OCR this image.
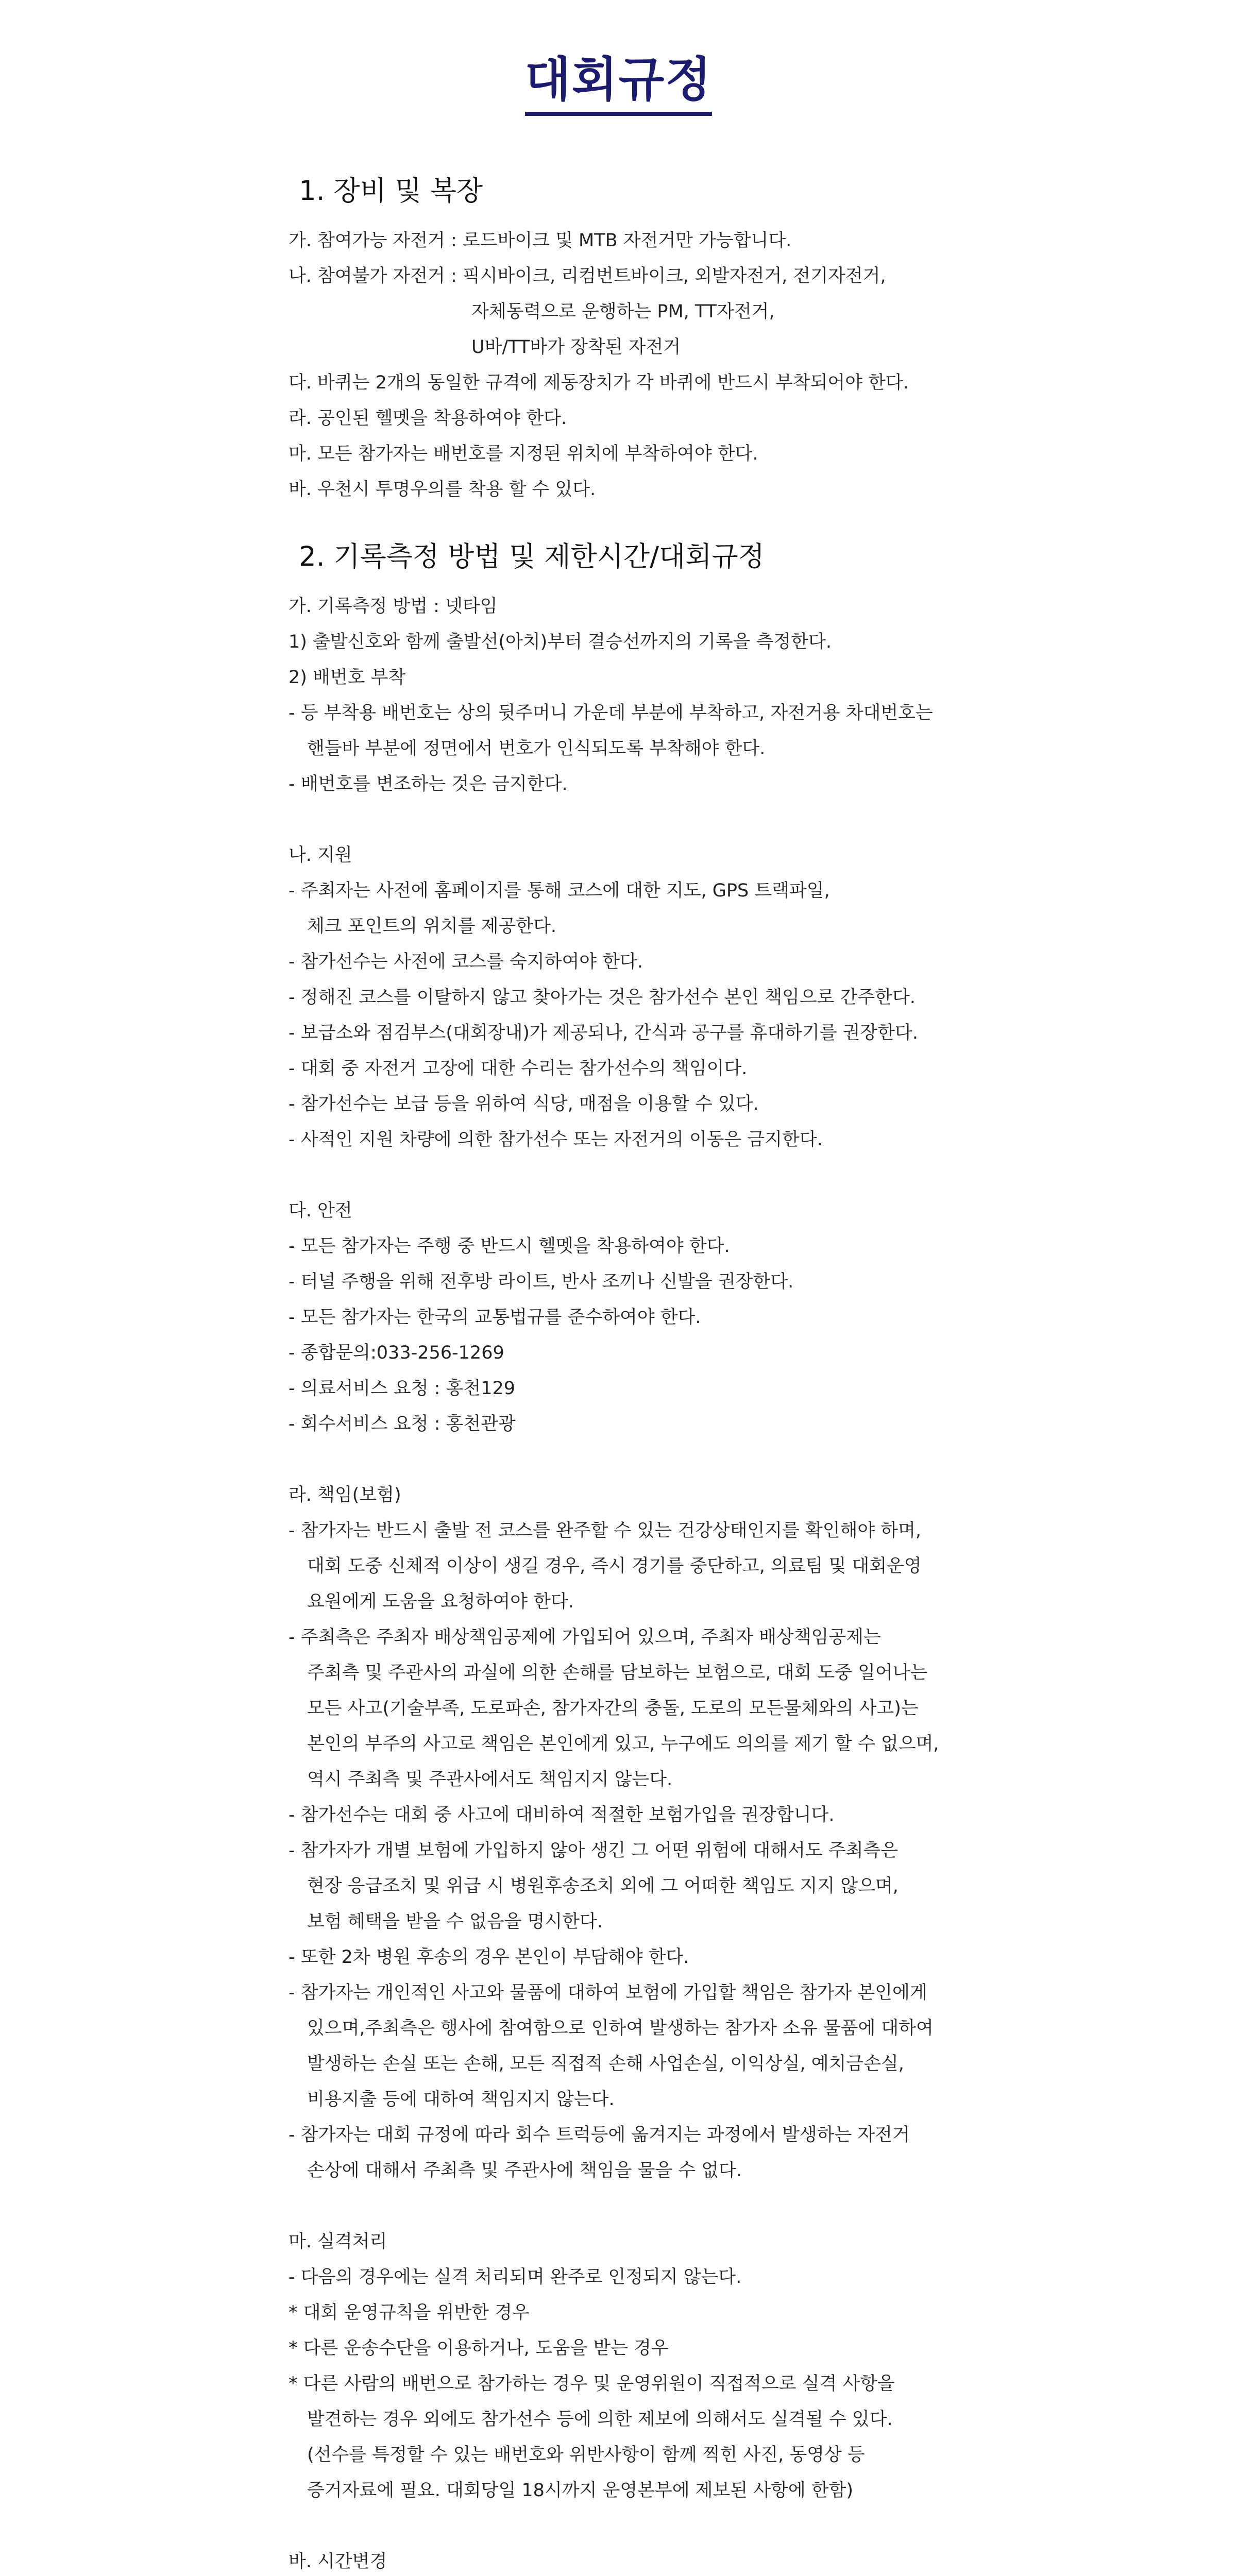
대회규정
1. 장비 및 복장
가. 참여가능 자전거 : 로드바이크 및 MTB 자전거만 가능합니다.
나. 참여불가 자전거 : 픽시바이크, 리컴번트바이크, 외발자전거, 전기자전거,
자체동력으로 운행하는 PM, TT자전거,
U바/TT바가 장착된 자전거
다. 바퀴는 2개의 동일한 규격에 제동장치가 각 바퀴에 반드시 부착되어야 한다.
라. 공인된 헬멧을 착용하여야 한다.
마. 모든 참가자는 배번호를 지정된 위치에 부착하여야 한다.
바. 우천시 투명우의를 착용 할 수 있다.
2. 기록측정 방법 및 제한시간/대회규정
가. 기록측정 방법 : 넷타임
1) 출발신호와 함께 출발선(아치)부터 결승선까지의 기록을 측정한다.
2) 배번호 부착
- 등 부착용 배번호는 상의 뒷주머니 가운데 부분에 부착하고, 자전거용 차대번호는
핸들바 부분에 정면에서 번호가 인식되도록 부착해야 한다.
- 배번호를 변조하는 것은 금지한다.
나. 지원
- 주최자는 사전에 홈페이지를 통해 코스에 대한 지도, GPS 트랙파일,
체크 포인트의 위치를 제공한다.
- 참가선수는 사전에 코스를 숙지하여야 한다.
- 정해진 코스를 이탈하지 않고 찾아가는 것은 참가선수 본인 책임으로 간주한다.
- 보급소와 점검부스(대회장내)가 제공되나, 간식과 공구를 휴대하기를 권장한다.
- 대회 중 자전거 고장에 대한 수리는 참가선수의 책임이다.
- 참가선수는 보급 등을 위하여 식당, 매점을 이용할 수 있다.
- 사적인 지원 차량에 의한 참가선수 또는 자전거의 이동은 금지한다.
다. 안전
- 모든 참가자는 주행 중 반드시 헬멧을 착용하여야 한다.
- 터널 주행을 위해 전후방 라이트, 반사 조끼나 신발을 권장한다.
- 모든 참가자는 한국의 교통법규를 준수하여야 한다.
- 종합문의:033-256-1269
- 의료서비스 요청 : 홍천129
- 회수서비스 요청 : 홍천관광
라. 책임(보험)
- 참가자는 반드시 출발 전 코스를 완주할 수 있는 건강상태인지를 확인해야 하며,
대회 도중 신체적 이상이 생길 경우, 즉시 경기를 중단하고, 의료팀 및 대회운영
요원에게 도움을 요청하여야 한다.
- 주최측은 주최자 배상책임공제에 가입되어 있으며, 주최자 배상책임공제는
주최측 및 주관사의 과실에 의한 손해를 담보하는 보험으로, 대회 도중 일어나는
모든 사고(기술부족, 도로파손, 참가자간의 충돌, 도로의 모든물체와의 사고)는
본인의 부주의 사고로 책임은 본인에게 있고, 누구에도 의의를 제기 할 수 없으며,
역시 주최측 및 주관사에서도 책임지지 않는다.
- 참가선수는 대회 중 사고에 대비하여 적절한 보험가입을 권장합니다.
- 참가자가 개별 보험에 가입하지 않아 생긴 그 어떤 위험에 대해서도 주최측은
현장 응급조치 및 위급 시 병원후송조치 외에 그 어떠한 책임도 지지 않으며,
보험 혜택을 받을 수 없음을 명시한다.
- 또한 2차 병원 후송의 경우 본인이 부담해야 한다.
- 참가자는 개인적인 사고와 물품에 대하여 보험에 가입할 책임은 참가자 본인에게
있으며,주최측은 행사에 참여함으로 인하여 발생하는 참가자 소유 물품에 대하여
발생하는 손실 또는 손해, 모든 직접적 손해 사업손실, 이익상실, 예치금손실,
비용지출 등에 대하여 책임지지 않는다.
- 참가자는 대회 규정에 따라 회수 트럭등에 옮겨지는 과정에서 발생하는 자전거
손상에 대해서 주최측 및 주관사에 책임을 물을 수 없다.
마. 실격처리
- 다음의 경우에는 실격 처리되며 완주로 인정되지 않는다.
* 대회 운영규칙을 위반한 경우
* 다른 운송수단을 이용하거나, 도움을 받는 경우
* 다른 사람의 배번으로 참가하는 경우 및 운영위원이 직접적으로 실격 사항을
발견하는 경우 외에도 참가선수 등에 의한 제보에 의해서도 실격될 수 있다.
(선수를 특정할 수 있는 배번호와 위반사항이 함께 찍힌 사진, 동영상 등
증거자료에 필요. 대회당일 18시까지 운영본부에 제보된 사항에 한함)
바. 시간변경
